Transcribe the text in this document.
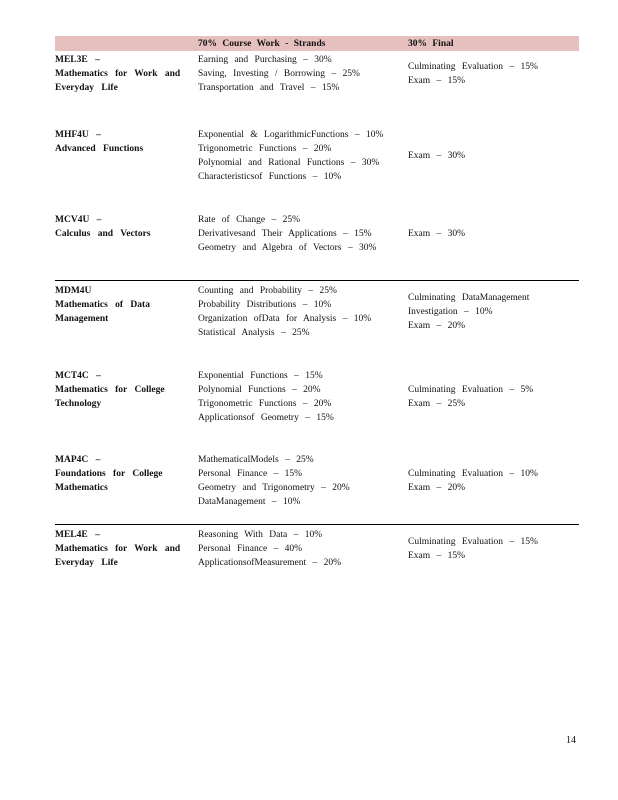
70% Course Work - Strands	30% Final
MEL3E –
Mathematics for Work and
Everyday Life
Earning and Purchasing – 30%
Saving, Investing / Borrowing – 25%
Transportation and Travel – 15%
Culminating Evaluation – 15%
Exam – 15%
MHF4U –
Advanced Functions
Exponential & LogarithmicFunctions – 10%
Trigonometric Functions – 20%
Polynomial and Rational Functions – 30%
Characteristicsof Functions – 10%
Exam – 30%
MCV4U –
Calculus and Vectors
Rate of Change – 25%
Derivativesand Their Applications – 15%
Geometry and Algebra of Vectors – 30%
Exam – 30%
MDM4U
Mathematics of Data
Management
Counting and Probability – 25%
Probability Distributions – 10%
Organization ofData for Analysis – 10%
Statistical Analysis – 25%
Culminating DataManagement
Investigation – 10%
Exam – 20%
MCT4C –
Mathematics for College
Technology
Exponential Functions – 15%
Polynomial Functions – 20%
Trigonometric Functions – 20%
Applicationsof Geometry – 15%
Culminating Evaluation – 5%
Exam – 25%
MAP4C –
Foundations for College
Mathematics
MathematicalModels – 25%
Personal Finance – 15%
Geometry and Trigonometry – 20%
DataManagement – 10%
Culminating Evaluation – 10%
Exam – 20%
MEL4E –
Mathematics for Work and
Everyday Life
Reasoning With Data – 10%
Personal Finance – 40%
ApplicationsofMeasurement – 20%
Culminating Evaluation – 15%
Exam – 15%
14
